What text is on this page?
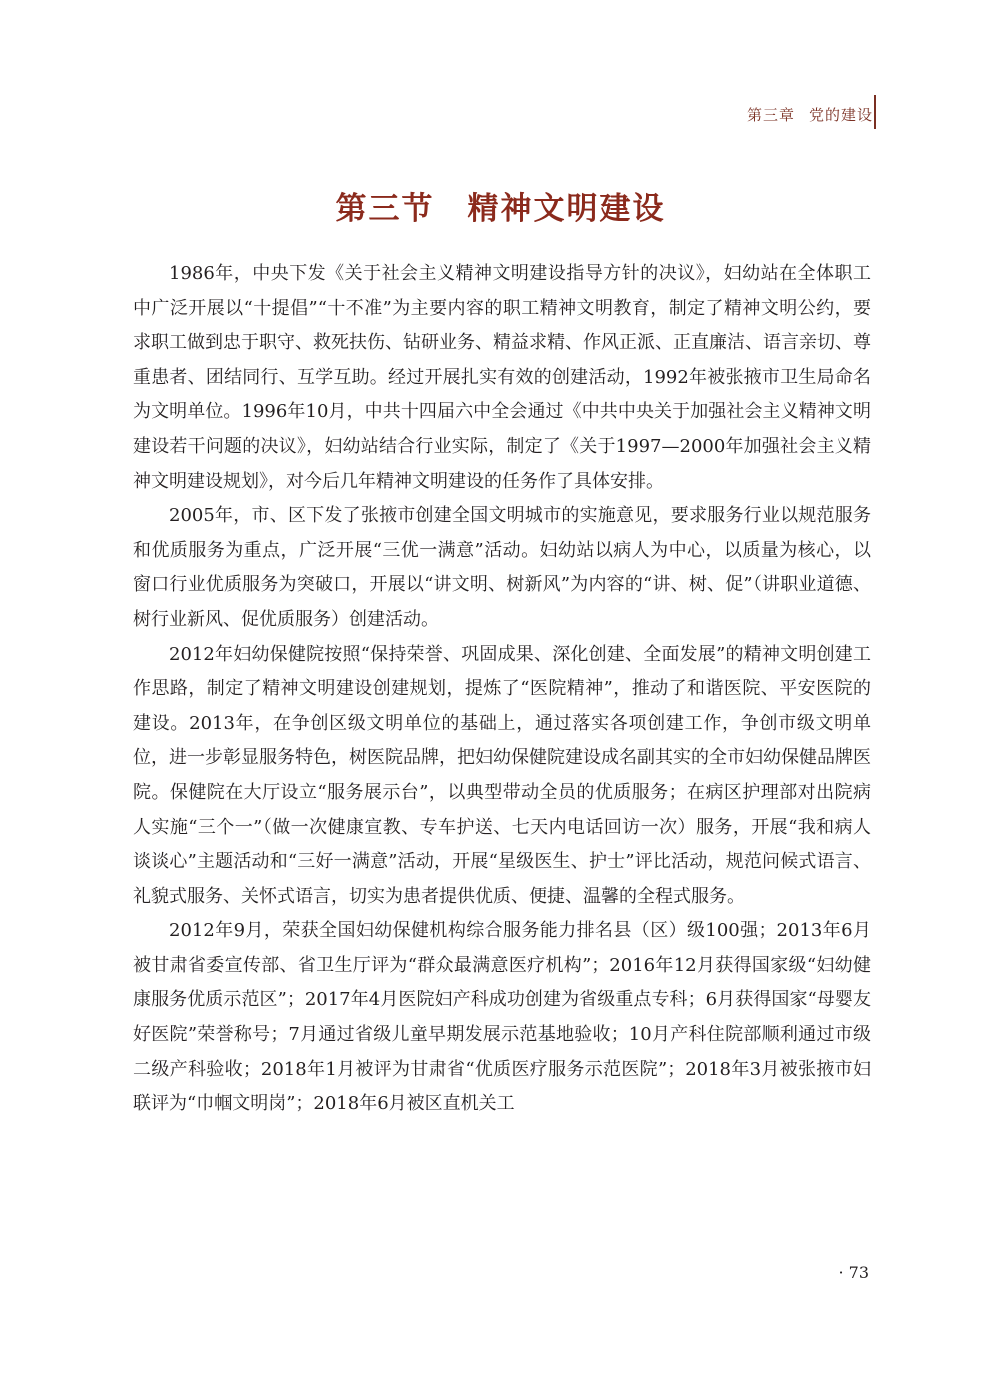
第三章 党的建设
第三节　精神文明建设

1986年，中央下发《关于社会主义精神文明建设指导方针的决议》，妇幼站在全体职工中广泛开展以“十提倡”“十不准”为主要内容的职工精神文明教育，制定了精神文明公约，要求职工做到忠于职守、救死扶伤、钻研业务、精益求精、作风正派、正直廉洁、语言亲切、尊重患者、团结同行、互学互助。经过开展扎实有效的创建活动，1992年被张掖市卫生局命名为文明单位。1996年10月，中共十四届六中全会通过《中共中央关于加强社会主义精神文明建设若干问题的决议》，妇幼站结合行业实际，制定了《关于1997—2000年加强社会主义精神文明建设规划》，对今后几年精神文明建设的任务作了具体安排。

2005年，市、区下发了张掖市创建全国文明城市的实施意见，要求服务行业以规范服务和优质服务为重点，广泛开展“三优一满意”活动。妇幼站以病人为中心，以质量为核心，以窗口行业优质服务为突破口，开展以“讲文明、树新风”为内容的“讲、树、促”（讲职业道德、树行业新风、促优质服务）创建活动。

2012年妇幼保健院按照“保持荣誉、巩固成果、深化创建、全面发展”的精神文明创建工作思路，制定了精神文明建设创建规划，提炼了“医院精神”，推动了和谐医院、平安医院的建设。2013年，在争创区级文明单位的基础上，通过落实各项创建工作，争创市级文明单位，进一步彰显服务特色，树医院品牌，把妇幼保健院建设成名副其实的全市妇幼保健品牌医院。保健院在大厅设立“服务展示台”，以典型带动全员的优质服务；在病区护理部对出院病人实施“三个一”（做一次健康宣教、专车护送、七天内电话回访一次）服务，开展“我和病人谈谈心”主题活动和“三好一满意”活动，开展“星级医生、护士”评比活动，规范问候式语言、礼貌式服务、关怀式语言，切实为患者提供优质、便捷、温馨的全程式服务。

2012年9月，荣获全国妇幼保健机构综合服务能力排名县（区）级100强；2013年6月被甘肃省委宣传部、省卫生厅评为“群众最满意医疗机构”；2016年12月获得国家级“妇幼健康服务优质示范区”；2017年4月医院妇产科成功创建为省级重点专科；6月获得国家“母婴友好医院”荣誉称号；7月通过省级儿童早期发展示范基地验收；10月产科住院部顺利通过市级二级产科验收；2018年1月被评为甘肃省“优质医疗服务示范医院”；2018年3月被张掖市妇联评为“巾帼文明岗”；2018年6月被区直机关工

· 73
